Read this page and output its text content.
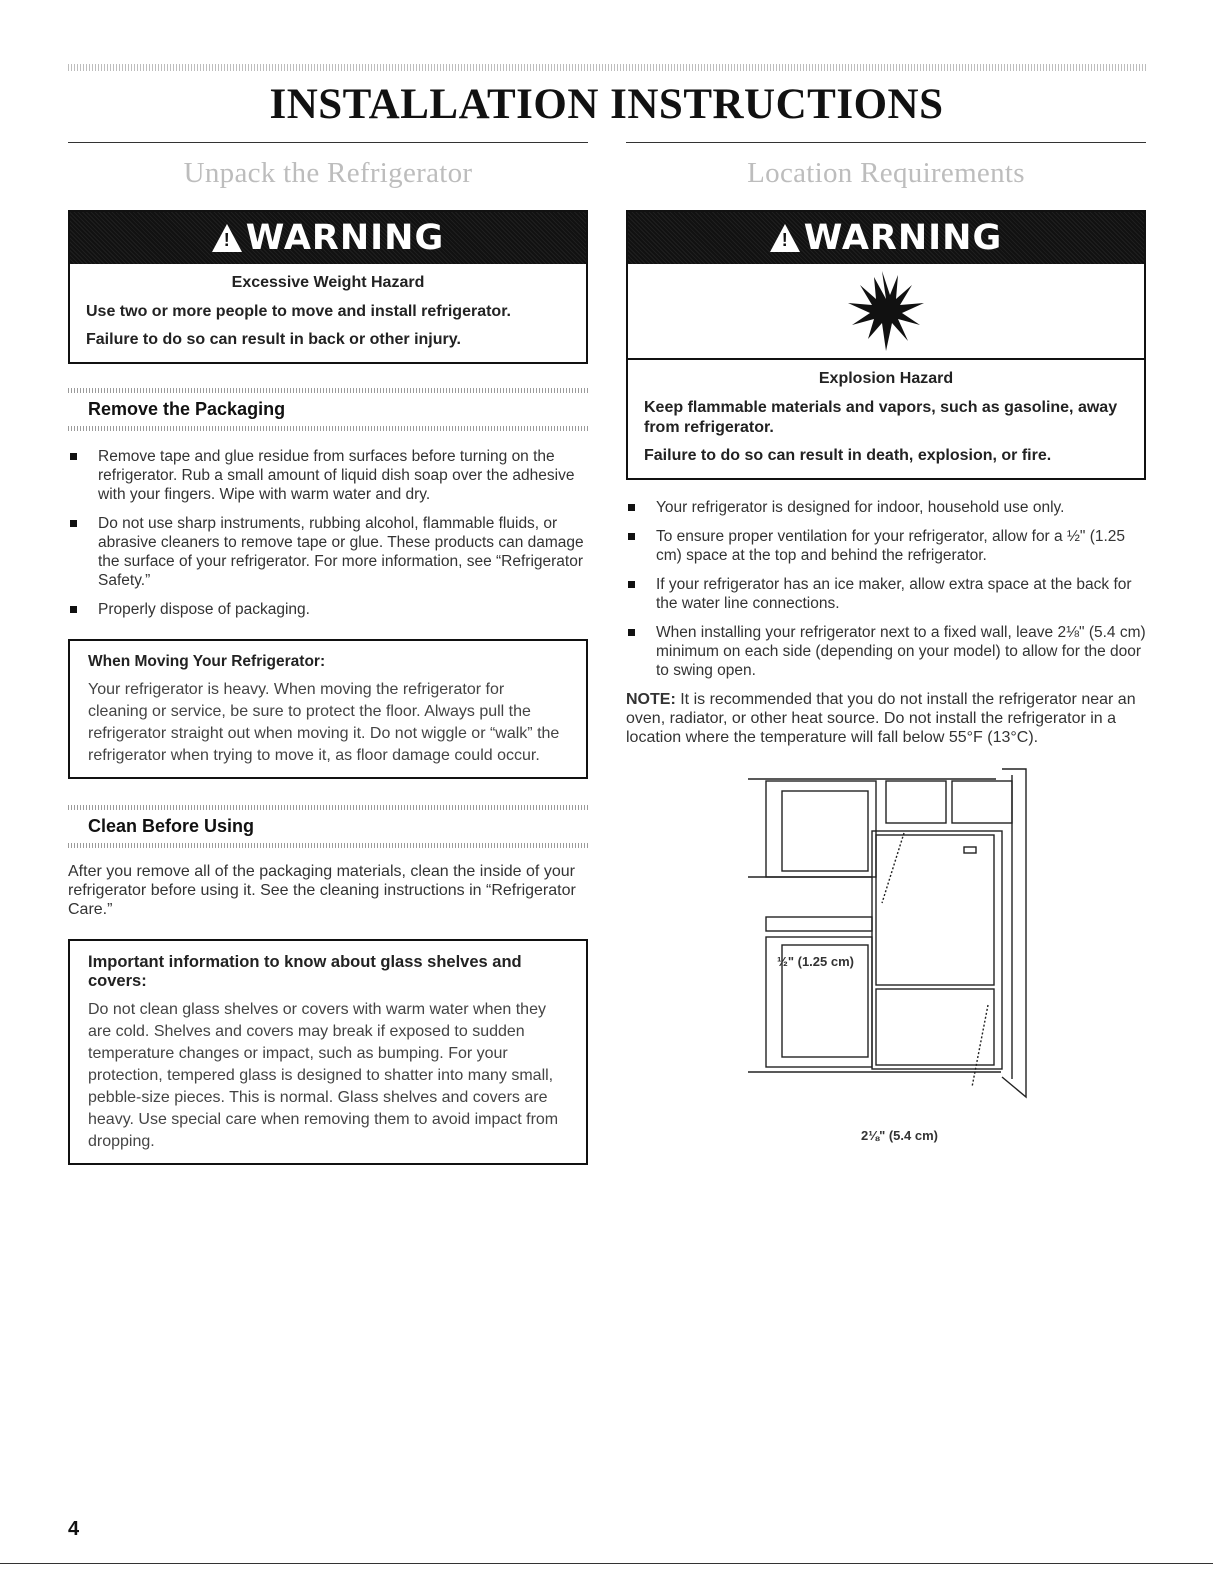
INSTALLATION INSTRUCTIONS
Unpack the Refrigerator
! WARNING

Excessive Weight Hazard

Use two or more people to move and install refrigerator.

Failure to do so can result in back or other injury.

Remove the Packaging
Remove tape and glue residue from surfaces before turning on the refrigerator. Rub a small amount of liquid dish soap over the adhesive with your fingers. Wipe with warm water and dry.
Do not use sharp instruments, rubbing alcohol, flammable fluids, or abrasive cleaners to remove tape or glue. These products can damage the surface of your refrigerator. For more information, see “Refrigerator Safety.”
Properly dispose of packaging.

When Moving Your Refrigerator:

Your refrigerator is heavy. When moving the refrigerator for cleaning or service, be sure to protect the floor. Always pull the refrigerator straight out when moving it. Do not wiggle or “walk” the refrigerator when trying to move it, as floor damage could occur.

Clean Before Using

After you remove all of the packaging materials, clean the inside of your refrigerator before using it. See the cleaning instructions in “Refrigerator Care.”

Important information to know about glass shelves and covers:

Do not clean glass shelves or covers with warm water when they are cold. Shelves and covers may break if exposed to sudden temperature changes or impact, such as bumping. For your protection, tempered glass is designed to shatter into many small, pebble-size pieces. This is normal. Glass shelves and covers are heavy. Use special care when removing them to avoid impact from dropping.

Location Requirements
! WARNING

Explosion Hazard

Keep flammable materials and vapors, such as gasoline, away from refrigerator.

Failure to do so can result in death, explosion, or fire.

Your refrigerator is designed for indoor, household use only.
To ensure proper ventilation for your refrigerator, allow for a ½" (1.25 cm) space at the top and behind the refrigerator.
If your refrigerator has an ice maker, allow extra space at the back for the water line connections.
When installing your refrigerator next to a fixed wall, leave 2⅛" (5.4 cm) minimum on each side (depending on your model) to allow for the door to swing open.

NOTE: It is recommended that you do not install the refrigerator near an oven, radiator, or other heat source. Do not install the refrigerator in a location where the temperature will fall below 55°F (13°C).

½" (1.25 cm)
2⅛" (5.4 cm)
4
